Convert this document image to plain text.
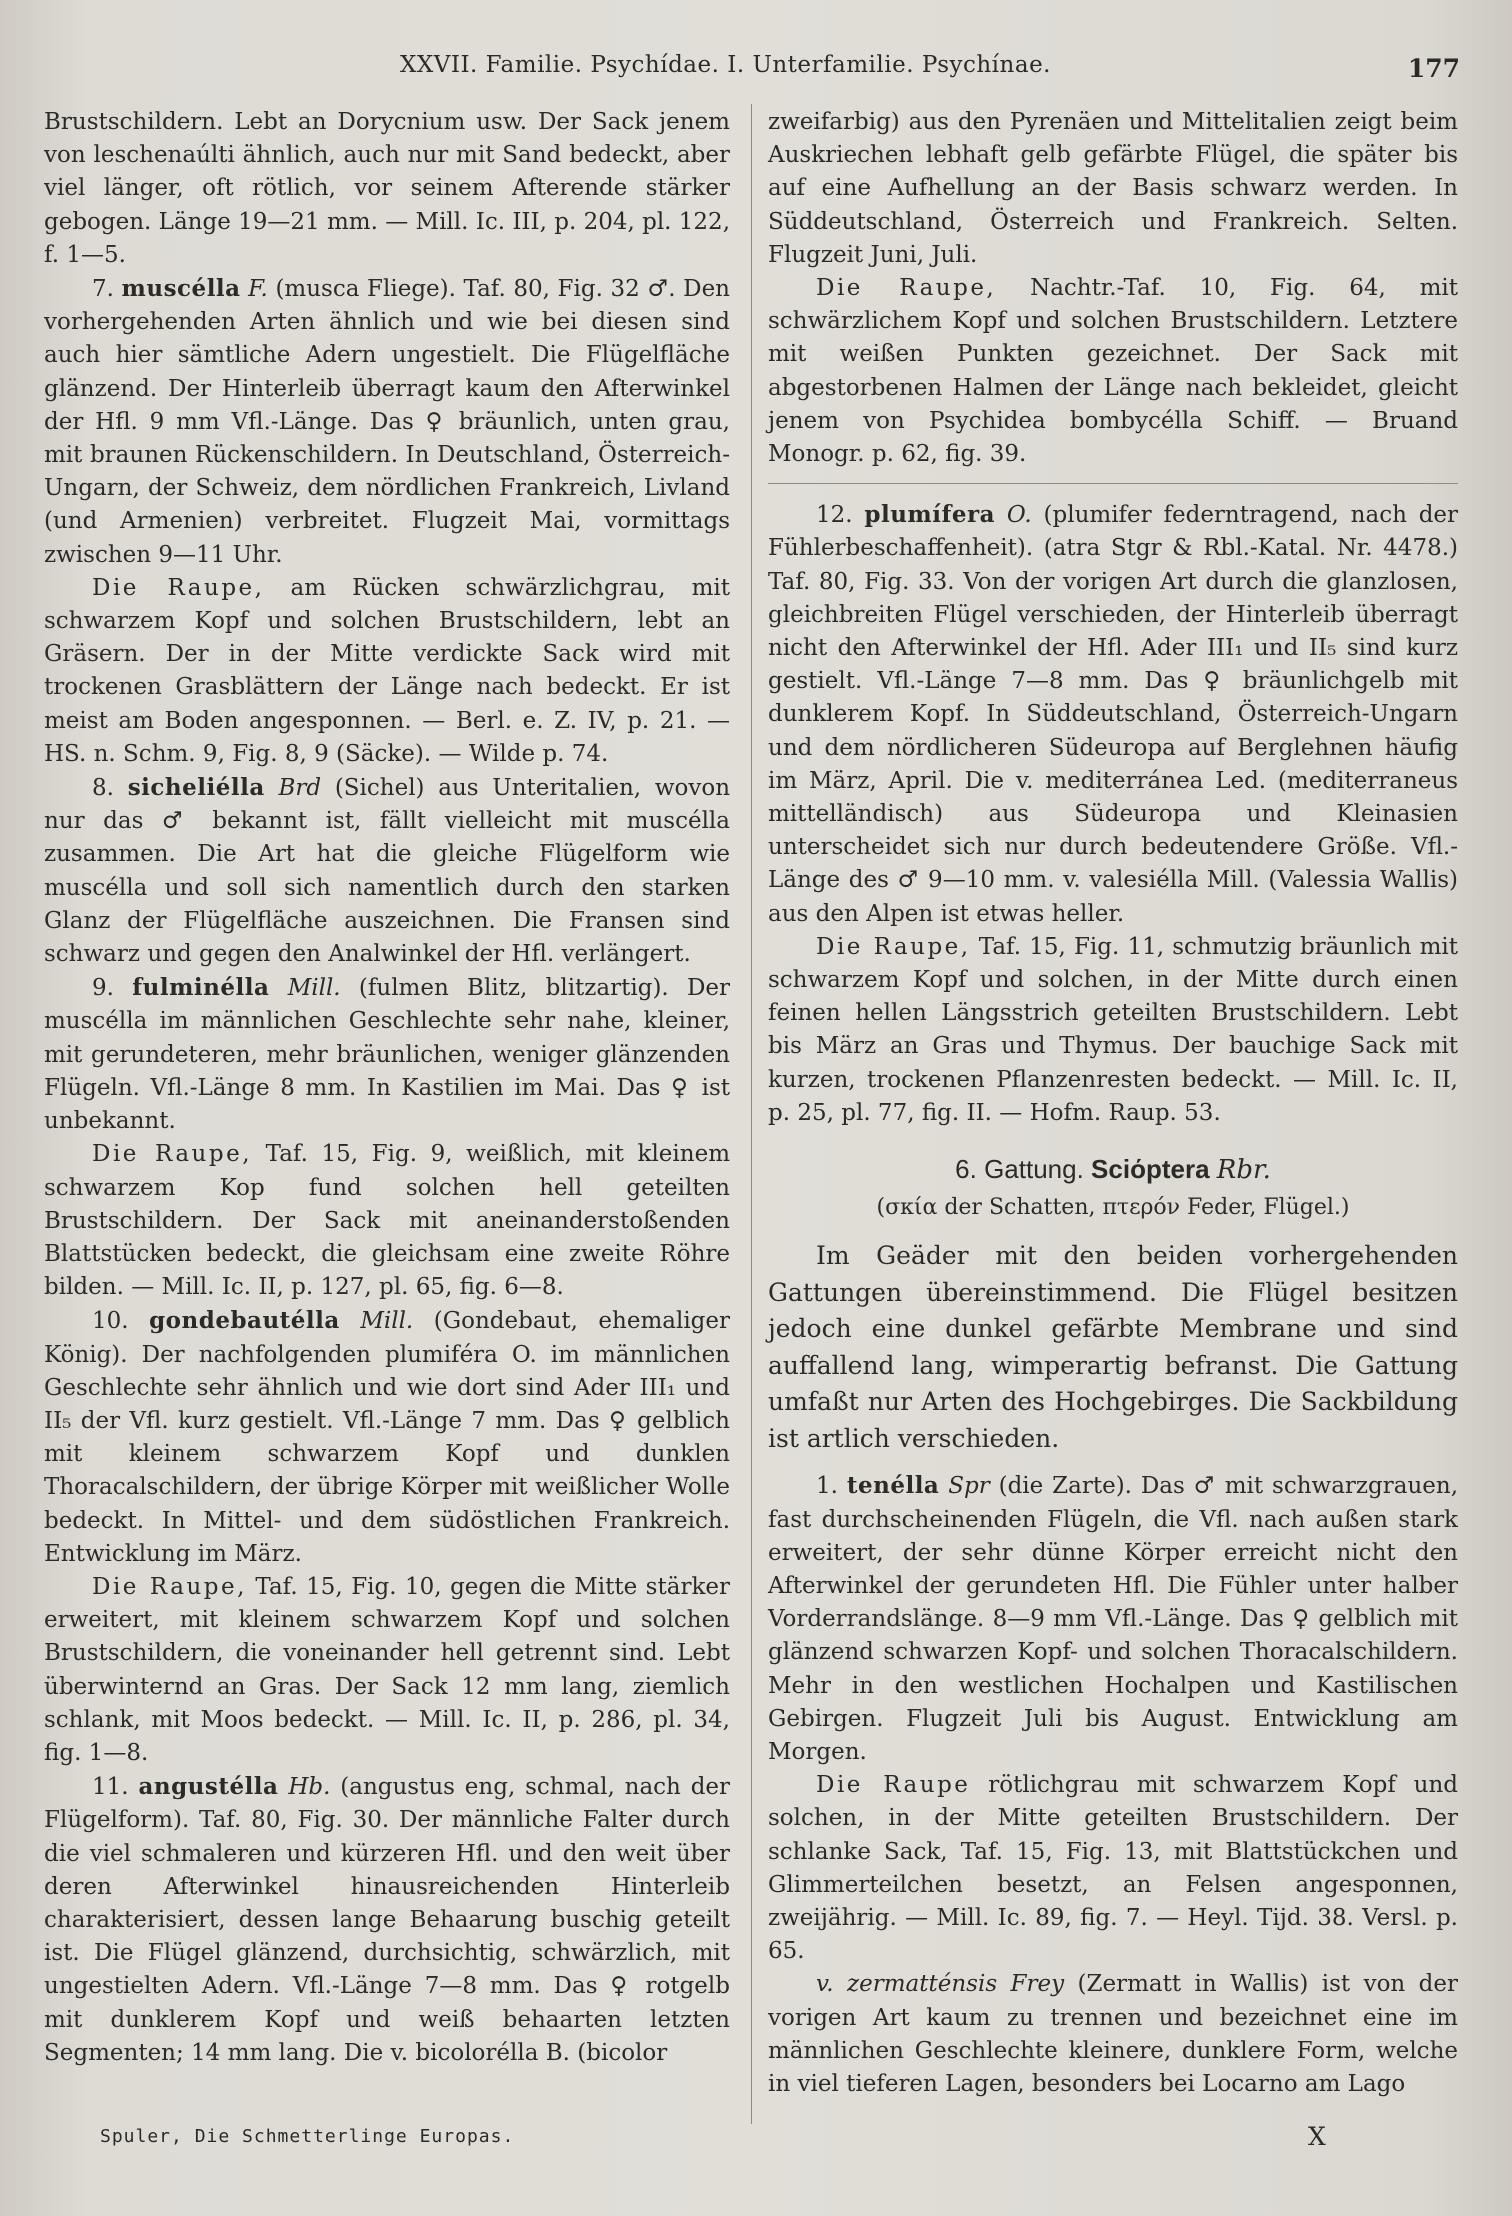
XXVII. Familie. Psychídae. I. Unterfamilie. Psychínae.	177

Brustschildern. Lebt an Dorycnium usw. Der Sack jenem von leschenaúlti ähnlich, auch nur mit Sand bedeckt, aber viel länger, oft rötlich, vor seinem Afterende stärker gebogen. Länge 19—21 mm. — Mill. Ic. III, p. 204, pl. 122, f. 1—5.

7. muscélla F. (musca Fliege). Taf. 80, Fig. 32 ♂. Den vorhergehenden Arten ähnlich und wie bei diesen sind auch hier sämtliche Adern ungestielt. Die Flügelfläche glänzend. Der Hinterleib überragt kaum den Afterwinkel der Hfl. 9 mm Vfl.-Länge. Das ♀ bräunlich, unten grau, mit braunen Rückenschildern. In Deutschland, Österreich-Ungarn, der Schweiz, dem nördlichen Frankreich, Livland (und Armenien) verbreitet. Flugzeit Mai, vormittags zwischen 9—11 Uhr.

Die Raupe, am Rücken schwärzlichgrau, mit schwarzem Kopf und solchen Brustschildern, lebt an Gräsern. Der in der Mitte verdickte Sack wird mit trockenen Grasblättern der Länge nach bedeckt. Er ist meist am Boden angesponnen. — Berl. e. Z. IV, p. 21. — HS. n. Schm. 9, Fig. 8, 9 (Säcke). — Wilde p. 74.

8. sicheliélla Brd (Sichel) aus Unteritalien, wovon nur das ♂ bekannt ist, fällt vielleicht mit muscélla zusammen. Die Art hat die gleiche Flügelform wie muscélla und soll sich namentlich durch den starken Glanz der Flügelfläche auszeichnen. Die Fransen sind schwarz und gegen den Analwinkel der Hfl. verlängert.

9. fulminélla Mill. (fulmen Blitz, blitzartig). Der muscélla im männlichen Geschlechte sehr nahe, kleiner, mit gerundeteren, mehr bräunlichen, weniger glänzenden Flügeln. Vfl.-Länge 8 mm. In Kastilien im Mai. Das ♀ ist unbekannt.

Die Raupe, Taf. 15, Fig. 9, weißlich, mit kleinem schwarzem Kop fund solchen hell geteilten Brustschildern. Der Sack mit aneinanderstoßenden Blattstücken bedeckt, die gleichsam eine zweite Röhre bilden. — Mill. Ic. II, p. 127, pl. 65, fig. 6—8.

10. gondebautélla Mill. (Gondebaut, ehemaliger König). Der nachfolgenden plumiféra O. im männlichen Geschlechte sehr ähnlich und wie dort sind Ader III₁ und II₅ der Vfl. kurz gestielt. Vfl.-Länge 7 mm. Das ♀ gelblich mit kleinem schwarzem Kopf und dunklen Thoracalschildern, der übrige Körper mit weißlicher Wolle bedeckt. In Mittel- und dem südöstlichen Frankreich. Entwicklung im März.

Die Raupe, Taf. 15, Fig. 10, gegen die Mitte stärker erweitert, mit kleinem schwarzem Kopf und solchen Brustschildern, die voneinander hell getrennt sind. Lebt überwinternd an Gras. Der Sack 12 mm lang, ziemlich schlank, mit Moos bedeckt. — Mill. Ic. II, p. 286, pl. 34, fig. 1—8.

11. angustélla Hb. (angustus eng, schmal, nach der Flügelform). Taf. 80, Fig. 30. Der männliche Falter durch die viel schmaleren und kürzeren Hfl. und den weit über deren Afterwinkel hinausreichenden Hinterleib charakterisiert, dessen lange Behaarung buschig geteilt ist. Die Flügel glänzend, durchsichtig, schwärzlich, mit ungestielten Adern. Vfl.-Länge 7—8 mm. Das ♀ rotgelb mit dunklerem Kopf und weiß behaarten letzten Segmenten; 14 mm lang. Die v. bicolorélla B. (bicolor

zweifarbig) aus den Pyrenäen und Mittelitalien zeigt beim Auskriechen lebhaft gelb gefärbte Flügel, die später bis auf eine Aufhellung an der Basis schwarz werden. In Süddeutschland, Österreich und Frankreich. Selten. Flugzeit Juni, Juli.

Die Raupe, Nachtr.-Taf. 10, Fig. 64, mit schwärzlichem Kopf und solchen Brustschildern. Letztere mit weißen Punkten gezeichnet. Der Sack mit abgestorbenen Halmen der Länge nach bekleidet, gleicht jenem von Psychidea bombycélla Schiff. — Bruand Monogr. p. 62, fig. 39.

12. plumífera O. (plumifer federntragend, nach der Fühlerbeschaffenheit). (atra Stgr & Rbl.-Katal. Nr. 4478.) Taf. 80, Fig. 33. Von der vorigen Art durch die glanzlosen, gleichbreiten Flügel verschieden, der Hinterleib überragt nicht den Afterwinkel der Hfl. Ader III₁ und II₅ sind kurz gestielt. Vfl.-Länge 7—8 mm. Das ♀ bräunlichgelb mit dunklerem Kopf. In Süddeutschland, Österreich-Ungarn und dem nördlicheren Südeuropa auf Berglehnen häufig im März, April. Die v. mediterránea Led. (mediterraneus mittelländisch) aus Südeuropa und Kleinasien unterscheidet sich nur durch bedeutendere Größe. Vfl.-Länge des ♂ 9—10 mm. v. valesiélla Mill. (Valessia Wallis) aus den Alpen ist etwas heller.

Die Raupe, Taf. 15, Fig. 11, schmutzig bräunlich mit schwarzem Kopf und solchen, in der Mitte durch einen feinen hellen Längsstrich geteilten Brustschildern. Lebt bis März an Gras und Thymus. Der bauchige Sack mit kurzen, trockenen Pflanzenresten bedeckt. — Mill. Ic. II, p. 25, pl. 77, fig. II. — Hofm. Raup. 53.

6. Gattung. Sciόptera Rbr.
(σκία der Schatten, πτερόν Feder, Flügel.)

Im Geäder mit den beiden vorhergehenden Gattungen übereinstimmend. Die Flügel besitzen jedoch eine dunkel gefärbte Membrane und sind auffallend lang, wimperartig befranst. Die Gattung umfaßt nur Arten des Hochgebirges. Die Sackbildung ist artlich verschieden.

1. tenélla Spr (die Zarte). Das ♂ mit schwarzgrauen, fast durchscheinenden Flügeln, die Vfl. nach außen stark erweitert, der sehr dünne Körper erreicht nicht den Afterwinkel der gerundeten Hfl. Die Fühler unter halber Vorderrandslänge. 8—9 mm Vfl.-Länge. Das ♀ gelblich mit glänzend schwarzen Kopf- und solchen Thoracalschildern. Mehr in den westlichen Hochalpen und Kastilischen Gebirgen. Flugzeit Juli bis August. Entwicklung am Morgen.

Die Raupe rötlichgrau mit schwarzem Kopf und solchen, in der Mitte geteilten Brustschildern. Der schlanke Sack, Taf. 15, Fig. 13, mit Blattstückchen und Glimmerteilchen besetzt, an Felsen angesponnen, zweijährig. — Mill. Ic. 89, fig. 7. — Heyl. Tijd. 38. Versl. p. 65.

v. zermatténsis Frey (Zermatt in Wallis) ist von der vorigen Art kaum zu trennen und bezeichnet eine im männlichen Geschlechte kleinere, dunklere Form, welche in viel tieferen Lagen, besonders bei Locarno am Lago

Spuler, Die Schmetterlinge Europas.	X
